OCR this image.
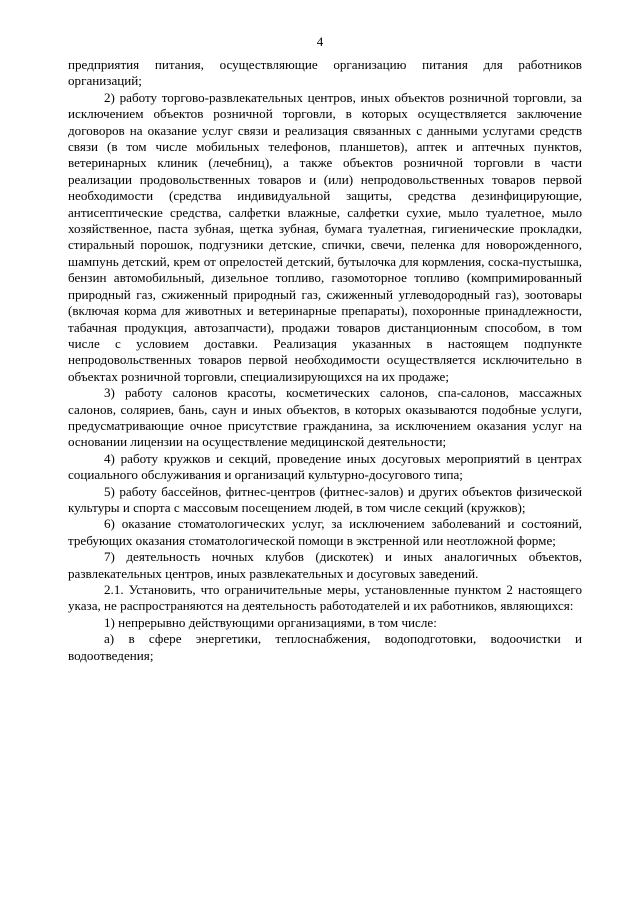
4

предприятия питания, осуществляющие организацию питания для работников организаций;

2) работу торгово-развлекательных центров, иных объектов розничной торговли, за исключением объектов розничной торговли, в которых осуществляется заключение договоров на оказание услуг связи и реализация связанных с данными услугами средств связи (в том числе мобильных телефонов, планшетов), аптек и аптечных пунктов, ветеринарных клиник (лечебниц), а также объектов розничной торговли в части реализации продовольственных товаров и (или) непродовольственных товаров первой необходимости (средства индивидуальной защиты, средства дезинфицирующие, антисептические средства, салфетки влажные, салфетки сухие, мыло туалетное, мыло хозяйственное, паста зубная, щетка зубная, бумага туалетная, гигиенические прокладки, стиральный порошок, подгузники детские, спички, свечи, пеленка для новорожденного, шампунь детский, крем от опрелостей детский, бутылочка для кормления, соска-пустышка, бензин автомобильный, дизельное топливо, газомоторное топливо (компримированный природный газ, сжиженный природный газ, сжиженный углеводородный газ), зоотовары (включая корма для животных и ветеринарные препараты), похоронные принадлежности, табачная продукция, автозапчасти), продажи товаров дистанционным способом, в том числе с условием доставки. Реализация указанных в настоящем подпункте непродовольственных товаров первой необходимости осуществляется исключительно в объектах розничной торговли, специализирующихся на их продаже;

3) работу салонов красоты, косметических салонов, спа-салонов, массажных салонов, соляриев, бань, саун и иных объектов, в которых оказываются подобные услуги, предусматривающие очное присутствие гражданина, за исключением оказания услуг на основании лицензии на осуществление медицинской деятельности;

4) работу кружков и секций, проведение иных досуговых мероприятий в центрах социального обслуживания и организаций культурно-досугового типа;

5) работу бассейнов, фитнес-центров (фитнес-залов) и других объектов физической культуры и спорта с массовым посещением людей, в том числе секций (кружков);

6) оказание стоматологических услуг, за исключением заболеваний и состояний, требующих оказания стоматологической помощи в экстренной или неотложной форме;

7) деятельность ночных клубов (дискотек) и иных аналогичных объектов, развлекательных центров, иных развлекательных и досуговых заведений.

2.1. Установить, что ограничительные меры, установленные пунктом 2 настоящего указа, не распространяются на деятельность работодателей и их работников, являющихся:

1) непрерывно действующими организациями, в том числе:

а) в сфере энергетики, теплоснабжения, водоподготовки, водоочистки и водоотведения;
